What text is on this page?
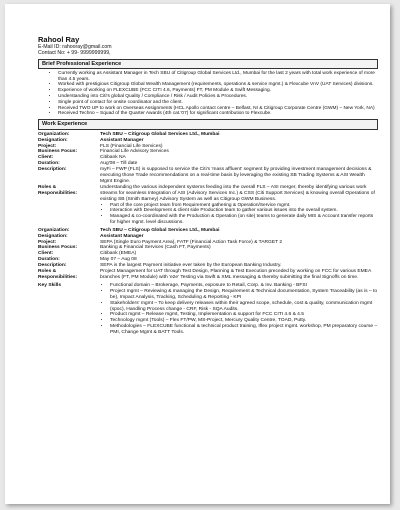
Rahool Ray
E-Mail ID: rahooray@gmail.com
Contact No: + 99- 9999999999,
Brief Professional Experience
• Currently working as Assistant Manager in Tech SBU of Citigroup Global Services Ltd., Mumbai for the last 2 years with total work experience of more than 4.5 years.
• Worked with prestigious Citigroup Global Wealth Management (requirements, operations & service mgmt.) & Flexcube VnV (UAT Services) divisions.
• Experience of working on FLEXCUBE (FCC CITI 4.6, Payments) FT, PM Module & Swift Messaging.
• Understanding into Citi's global Quality / Compliance / Risk / Audit Policies & Procedures.
• Single point of contact for onsite coordinator and the client.
• Received TWO UP to work on Overseas Assignments (HCL Apollo contact centre – Belfast, NI & Citigroup Corporate Centre (GWM) – New York, NA)
• Received Techno – Squad of the Quarter Awards (4th cat.'07) for significant contribution to Flexcube.
Work Experience
Organization:	Tech SBU – Citigroup Global Services Ltd., Mumbai
Designation:	Assistant Manager
Project:	FLS (Financial Life Services)
Business Focus:	Financial Life Advisory Services
Client:	Citibank NA
Duration:	Aug'08 – Till date
Description:	myFi – FWP (FLS) is supposed to service the Citi's 'mass affluent' segment by providing investment management decisions & executing those Trade recommendations on a real-time basis by leveraging the existing SB Trading Systems & ASI Wealth Mgmt Engine.
Roles & Responsibilities:
Understanding the various independent systems feeding into the overall FLS – ASI merger, thereby identifying various work streams for seamless Integration of ASI (Advisory Services Inc.) & CSS (Citi Support Services) & knowing overall Operations of existing SB (Smith Barney) Advisory System as well as Citigroup GWM Business.
• Part of the core project team from Requirement gathering & Operation/Service mgmt.
• Interaction with Development & client side Production team to gather various issues into the overall system.
• Managed & co-coordinated with the Production & Operation (on site) teams to generate daily MIS & Account transfer reports for higher mgmt. level discussions.
Organization:	Tech SBU – Citigroup Global Services Ltd., Mumbai
Designation:	Assistant Manager
Project:	SEPA (Single Euro Payment Area), FATF (Financial Action Task Force) & TARGET 2
Business Focus:	Banking & Financial Services (Cash FT, Payments)
Client:	Citibank (EMEA)
Duration:	May 07 – Aug 08
Description:	SEPA is the largest Payment initiative ever taken by the European Banking Industry.
Roles & Responsibilities:
Project Management for UAT through Test Design, Planning & Test Execution preceded by working on FCC for various EMEA branches (FT, PM Module) with 'e2e' Testing via Swift & XML messaging & thereby submitting the final Signoffs on time.
Key Skills
•	Functional domain – Brokerage, Payments, exposure to Retail, Corp. & Inv. Banking - BFSI
• Project mgmt – Reviewing & managing the Design, Requirement & Technical documentation, System Traceability (as is – to be), Impact Analysis, Tracking, Scheduling & Reporting - KPI
• Stakeholders' mgmt – To keep delivery releases within their agreed scope, schedule, cost & quality, communication mgmt (spoc), Handling Process change - CRF, Risk - SQA Audits.
• Product mgmt – Release mgmt, Testing, Implementation & support for FCC CITI 4.6 & 4.5
• Technology mgmt (Tools) – Flex FT/PW, MS-Project, Mercury Quality Centre, TOAD, Putty.
• Methodologies – FLEXCUBE functional & technical product training, Iflex project mgmt. workshop, PM preparatory course – PMI, Change Mgmt & BATT Tools.
